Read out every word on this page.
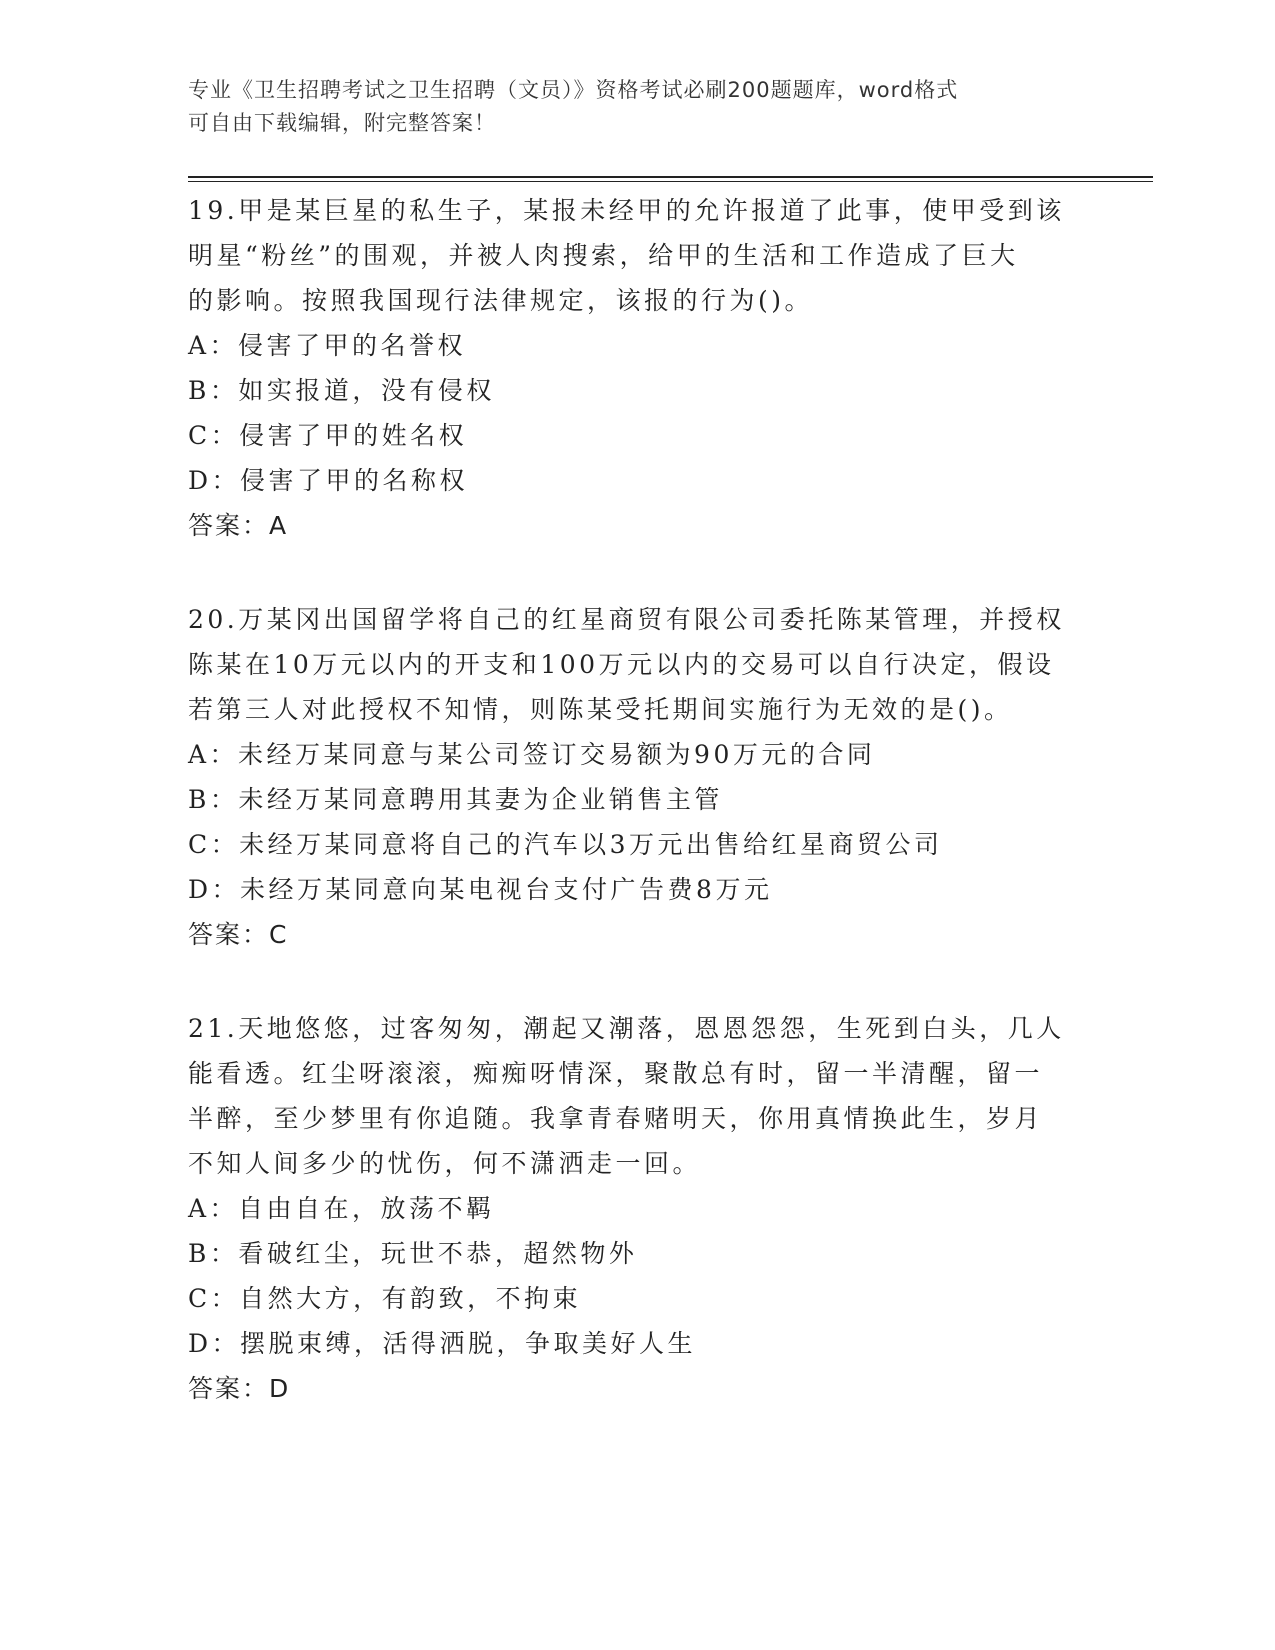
专业《卫生招聘考试之卫生招聘（文员）》资格考试必刷200题题库，word格式
可自由下载编辑，附完整答案！
19.甲是某巨星的私生子，某报未经甲的允许报道了此事，使甲受到该
明星“粉丝”的围观，并被人肉搜索，给甲的生活和工作造成了巨大
的影响。按照我国现行法律规定，该报的行为()。
A：侵害了甲的名誉权
B：如实报道，没有侵权
C：侵害了甲的姓名权
D：侵害了甲的名称权
答案：A
20.万某冈出国留学将自己的红星商贸有限公司委托陈某管理，并授权
陈某在10万元以内的开支和100万元以内的交易可以自行决定，假设
若第三人对此授权不知情，则陈某受托期间实施行为无效的是()。
A：未经万某同意与某公司签订交易额为90万元的合同
B：未经万某同意聘用其妻为企业销售主管
C：未经万某同意将自己的汽车以3万元出售给红星商贸公司
D：未经万某同意向某电视台支付广告费8万元
答案：C
21.天地悠悠，过客匆匆，潮起又潮落，恩恩怨怨，生死到白头，几人
能看透。红尘呀滚滚，痴痴呀情深，聚散总有时，留一半清醒，留一
半醉，至少梦里有你追随。我拿青春赌明天，你用真情换此生，岁月
不知人间多少的忧伤，何不潇洒走一回。
A：自由自在，放荡不羁
B：看破红尘，玩世不恭，超然物外
C：自然大方，有韵致，不拘束
D：摆脱束缚，活得洒脱，争取美好人生
答案：D
